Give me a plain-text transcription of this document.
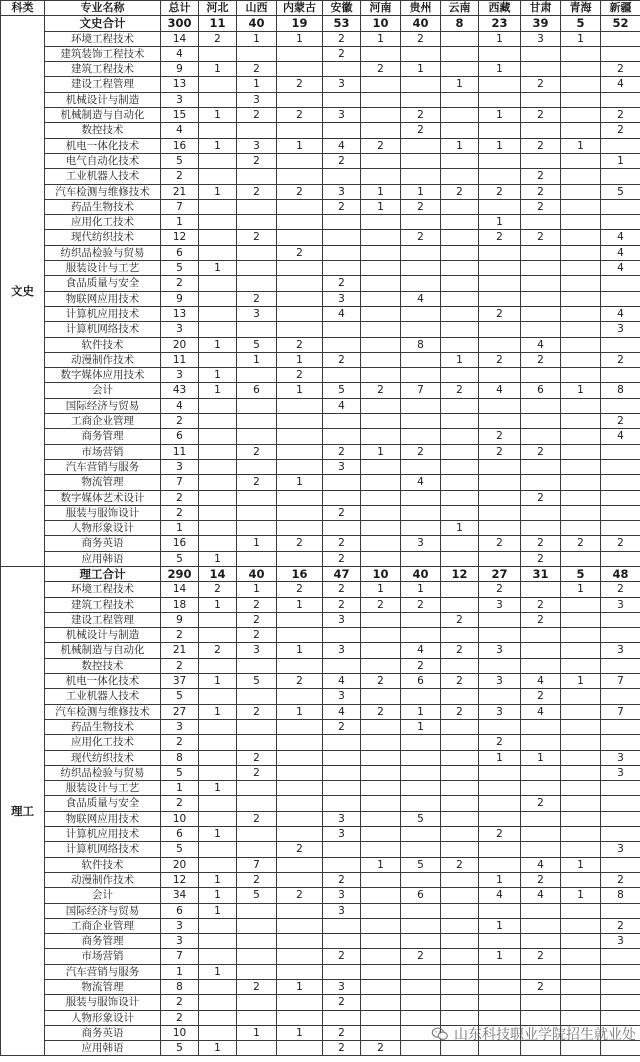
科类	专业名称	总计	河北	山西	内蒙古	安徽	河南	贵州	云南	西藏	甘肃	青海	新疆
文史	文史合计	300	11	40	19	53	10	40	8	23	39	5	52
	环境工程技术	14	2	1	1	2	1	2		1	3	1	
	建筑装饰工程技术	4				2							
	建筑工程技术	9	1	2			2	1		1			2
	建设工程管理	13		1	2	3			1		2		4
	机械设计与制造	3		3									
	机械制造与自动化	15	1	2	2	3		2		1	2		2
	数控技术	4						2					2
	机电一体化技术	16	1	3	1	4	2		1	1	2	1	
	电气自动化技术	5		2		2							1
	工业机器人技术	2									2		
	汽车检测与维修技术	21	1	2	2	3	1	1	2	2	2		5
	药品生物技术	7				2	1	2			2		
	应用化工技术	1								1			
	现代纺织技术	12		2				2		2	2		4
	纺织品检验与贸易	6			2								4
	服装设计与工艺	5	1										4
	食品质量与安全	2				2							
	物联网应用技术	9		2		3		4					
	计算机应用技术	13		3		4				2			4
	计算机网络技术	3											3
	软件技术	20	1	5	2			8			4		
	动漫制作技术	11		1	1	2			1	2	2		2
	数字媒体应用技术	3	1		2								
	会计	43	1	6	1	5	2	7	2	4	6	1	8
	国际经济与贸易	4				4							
	工商企业管理	2											2
	商务管理	6								2			4
	市场营销	11		2		2	1	2		2	2		
	汽车营销与服务	3				3							
	物流管理	7		2	1			4					
	数字媒体艺术设计	2									2		
	服装与服饰设计	2				2							
	人物形象设计	1							1				
	商务英语	16		1	2	2		3		2	2	2	2
	应用韩语	5	1			2					2		
理工	理工合计	290	14	40	16	47	10	40	12	27	31	5	48
	环境工程技术	14	2	1	2	2	1	1		2		1	2
	建筑工程技术	18	1	2	1	2	2	2		3	2		3
	建设工程管理	9		2		3			2		2		
	机械设计与制造	2		2									
	机械制造与自动化	21	2	3	1	3		4	2	3			3
	数控技术	2						2					
	机电一体化技术	37	1	5	2	4	2	6	2	3	4	1	7
	工业机器人技术	5				3					2		
	汽车检测与维修技术	27	1	2	1	4	2	1	2	3	4		7
	药品生物技术	3				2		1					
	应用化工技术	2								2			
	现代纺织技术	8		2						1	1		3
	纺织品检验与贸易	5		2									3
	服装设计与工艺	1	1										
	食品质量与安全	2									2		
	物联网应用技术	10		2		3		5					
	计算机应用技术	6	1			3				2			
	计算机网络技术	5			2								3
	软件技术	20		7			1	5	2		4	1	
	动漫制作技术	12	1	2		2				1	2		2
	会计	34	1	5	2	3		6		4	4	1	8
	国际经济与贸易	6	1			3							
	工商企业管理	3								1			2
	商务管理	3											3
	市场营销	7				2		2		1	2		
	汽车营销与服务	1	1										
	物流管理	8		2	1	3					2		
	服装与服饰设计	2				2							
	人物形象设计	2											
	商务英语	10		1	1	2							
	应用韩语	5	1			2	2						
山东科技职业学院招生就业处
